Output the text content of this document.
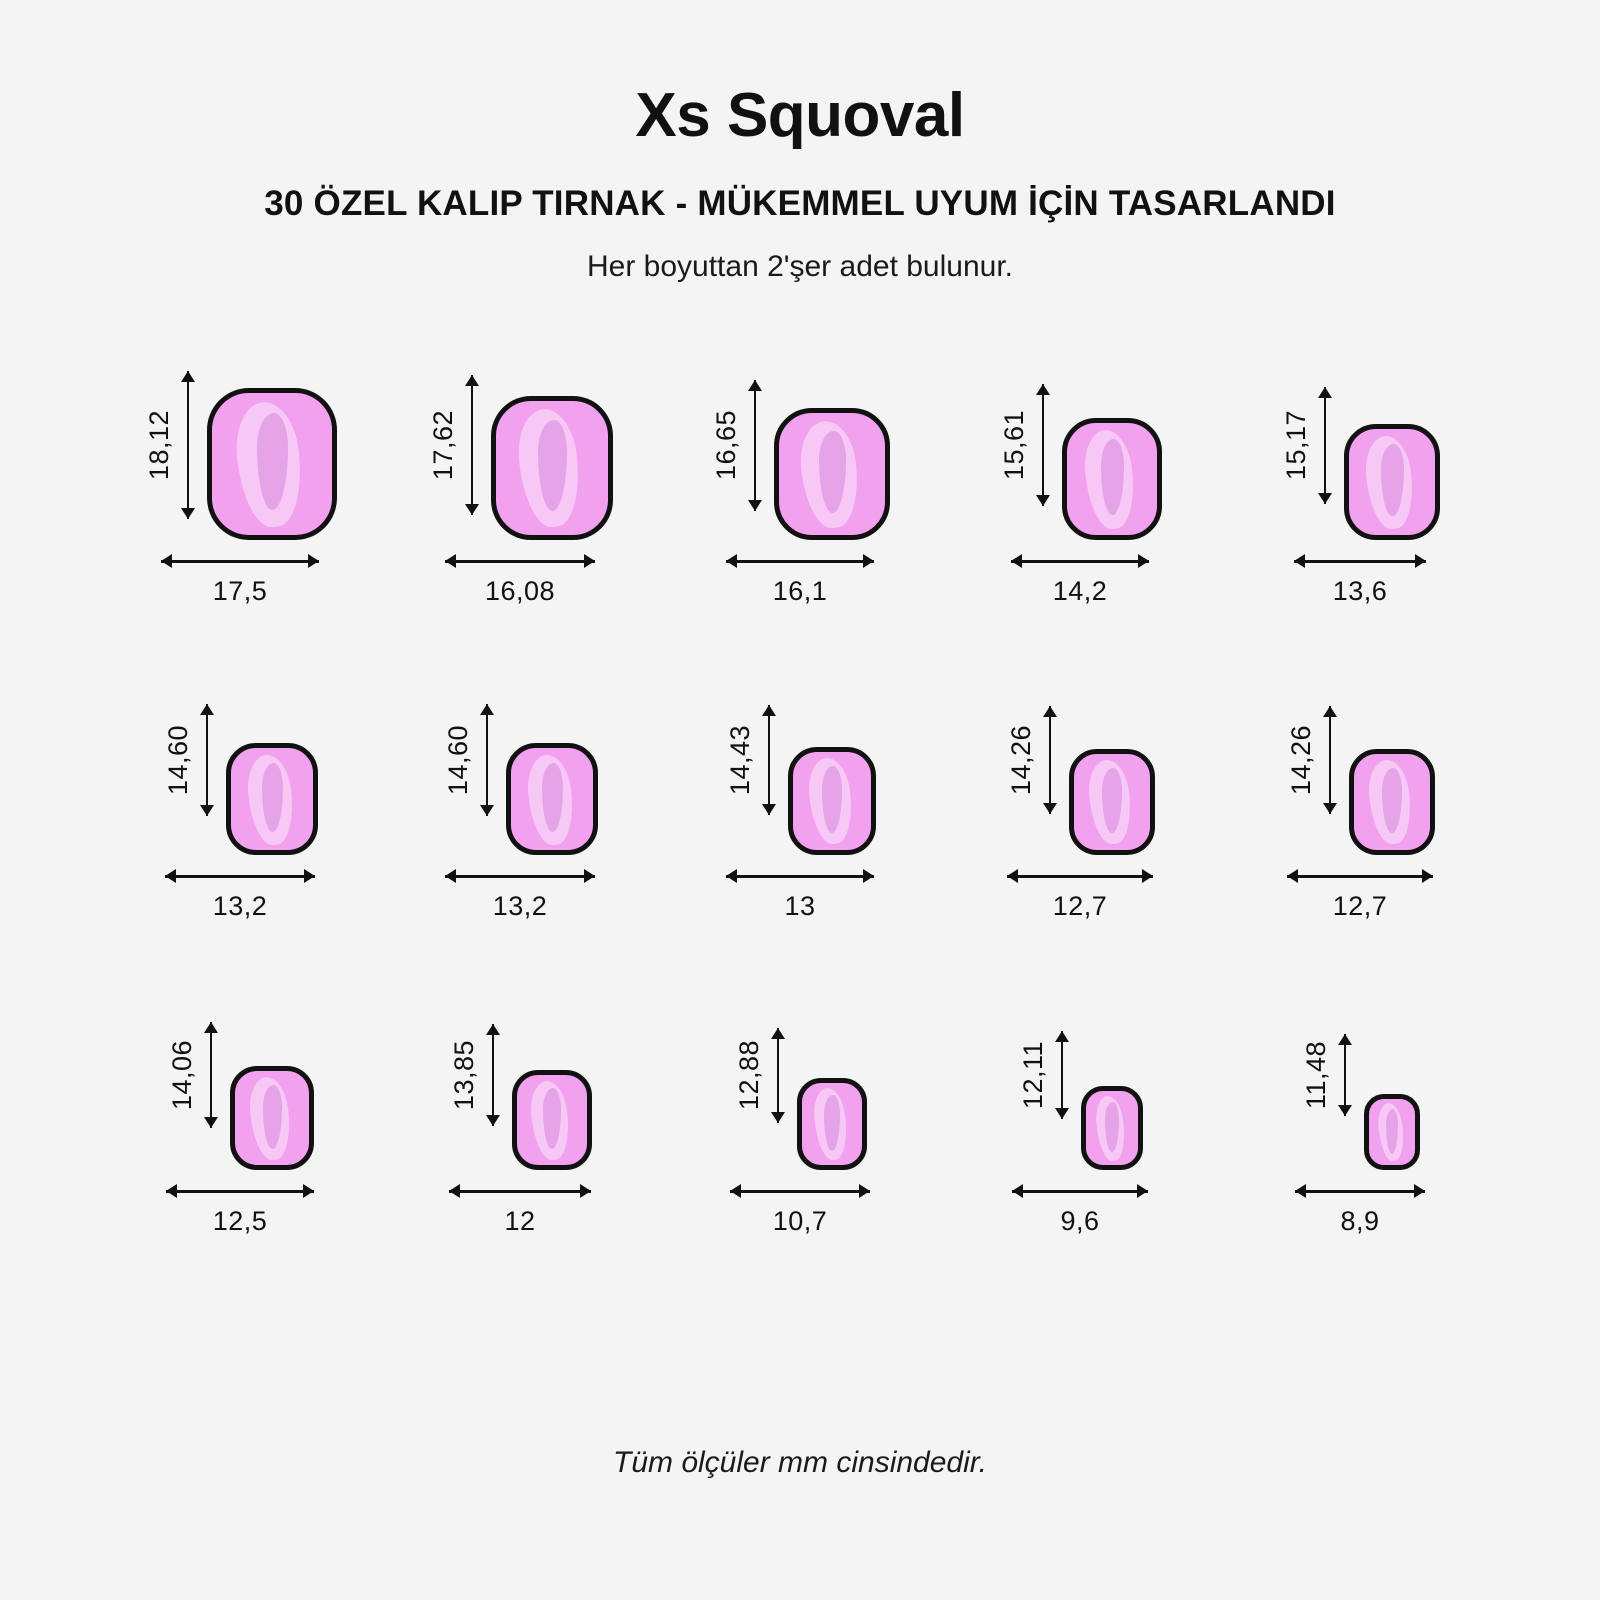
Xs Squoval
30 ÖZEL KALIP TIRNAK - MÜKEMMEL UYUM İÇİN TASARLANDI
Her boyuttan 2'şer adet bulunur.
18,12
17,5
17,62
16,08
16,65
16,1
15,61
14,2
15,17
13,6
14,60
13,2
14,60
13,2
14,43
13
14,26
12,7
14,26
12,7
14,06
12,5
13,85
12
12,88
10,7
12,11
9,6
11,48
8,9
Tüm ölçüler mm cinsindedir.
